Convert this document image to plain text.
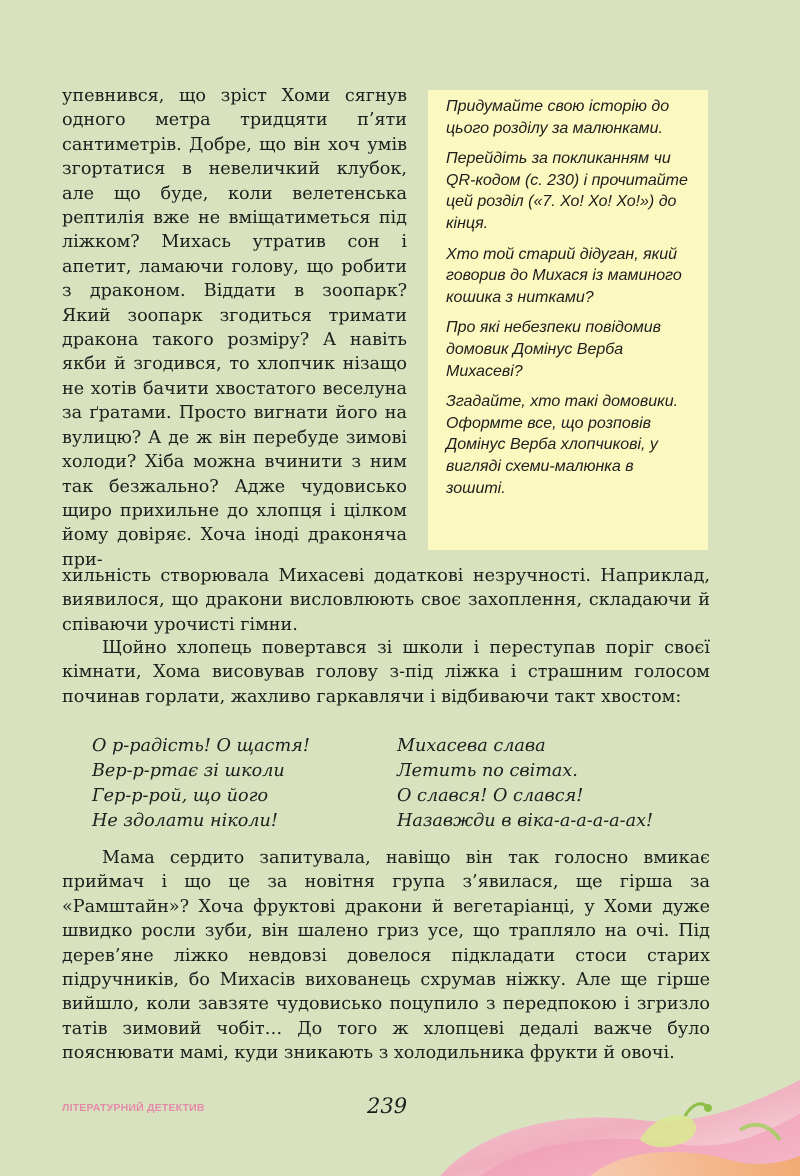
упевнився, що зріст Хоми сягнув одного метра тридцяти п’яти сантиметрів. Добре, що він хоч умів згортатися в невеличкий клубок, але що буде, коли велетенська рептилія вже не вміщатиметься під ліжком? Михась утратив сон і апетит, ламаючи голову, що робити з драконом. Віддати в зоопарк? Який зоопарк згодиться тримати дракона такого розміру? А навіть якби й згодився, то хлопчик нізащо не хотів бачити хвостатого веселуна за ґратами. Просто вигнати його на вулицю? А де ж він перебуде зимові холоди? Хіба можна вчинити з ним так безжально? Адже чудовисько щиро прихильне до хлопця і цілком йому довіряє. Хоча іноді драконяча при-

Придумайте свою історію до цього розділу за малюнками.

Перейдіть за покликанням чи QR-кодом (с. 230) і прочитайте цей розділ («7. Хо! Хо! Хо!») до кінця.

Хто той старий дідуган, який говорив до Михася із маминого кошика з нитками?

Про які небезпеки повідомив домовик Домінус Верба Михасеві?

Згадайте, хто такі домовики. Оформте все, що розповів Домінус Верба хлопчикові, у вигляді схеми-малюнка в зошиті.

хильність створювала Михасеві додаткові незручності. Наприклад, виявилося, що дракони висловлюють своє захоплення, складаючи й співаючи урочисті гімни.

Щойно хлопець повертався зі школи і переступав поріг своєї кімнати, Хома висовував голову з-під ліжка і страшним голосом починав горлати, жахливо гаркавлячи і відбиваючи такт хвостом:

О р-радість! О щастя!
Вер-р-ртає зі школи
Гер-р-рой, що його
Не здолати ніколи!
Михасева слава
Летить по світах.
О слався! О слався!
Назавжди в віка-а-а-а-а-ах!

Мама сердито запитувала, навіщо він так голосно вмикає приймач і що це за новітня група з’явилася, ще гірша за «Рамштайн»? Хоча фруктові дракони й вегетаріанці, у Хоми дуже швидко росли зуби, він шалено гриз усе, що трапляло на очі. Під дерев’яне ліжко невдовзі довелося підкладати стоси старих підручників, бо Михасів вихованець схрумав ніжку. Але ще гірше вийшло, коли завзяте чудовисько поцупило з передпокою і згризло татів зимовий чобіт… До того ж хлопцеві дедалі важче було пояснювати мамі, куди зникають з холодильника фрукти й овочі.

ЛІТЕРАТУРНИЙ ДЕТЕКТИВ	239
